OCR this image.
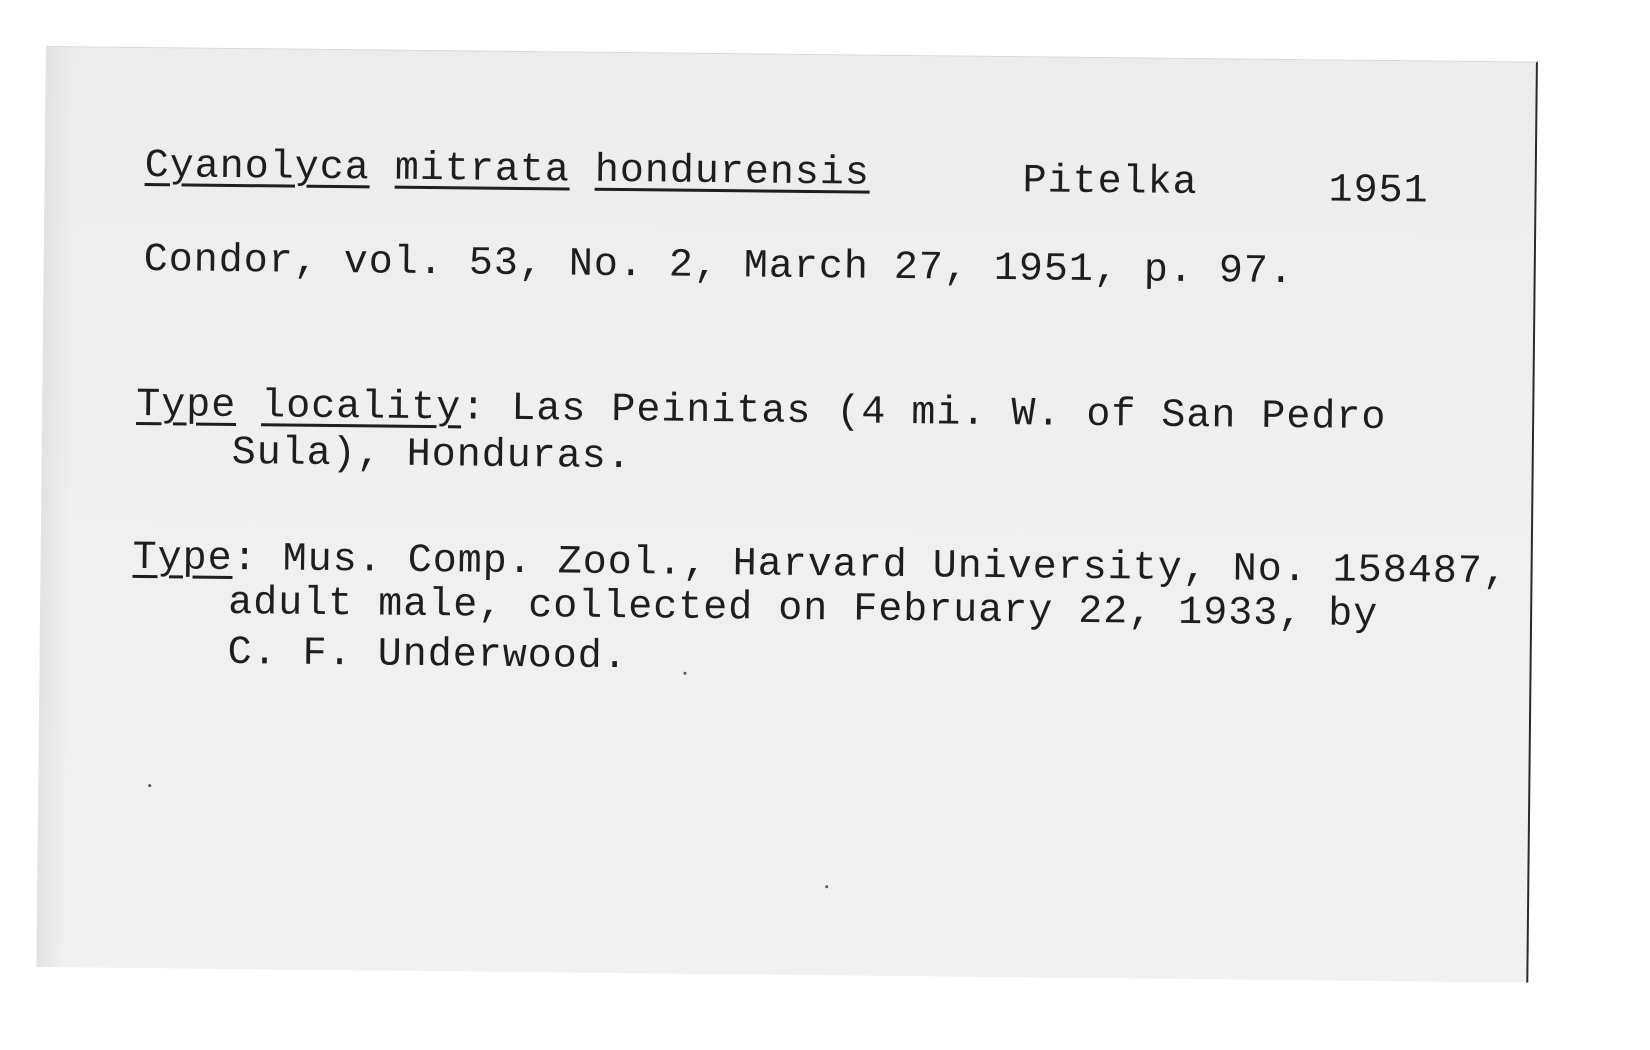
Cyanolyca mitrata hondurensis	Pitelka	1951
Condor, vol. 53, No. 2, March 27, 1951, p. 97.
Type locality: Las Peinitas (4 mi. W. of San Pedro
Sula), Honduras.
Type: Mus. Comp. Zool., Harvard University, No. 158487,
adult male, collected on February 22, 1933, by
C. F. Underwood.
